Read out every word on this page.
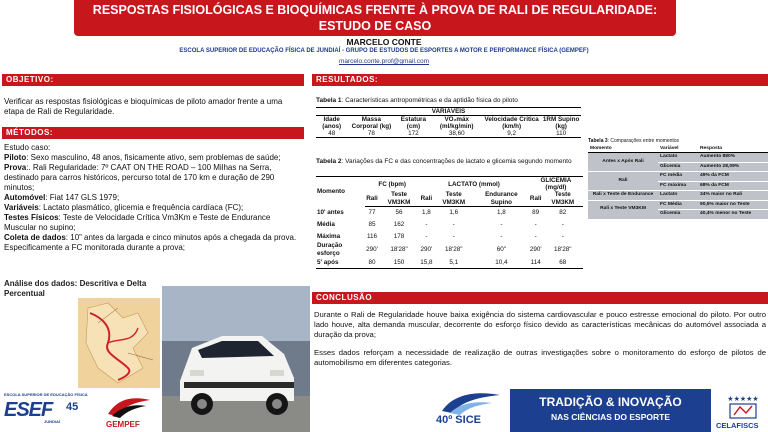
RESPOSTAS FISIOLÓGICAS E BIOQUÍMICAS FRENTE À PROVA DE RALI DE REGULARIDADE:
ESTUDO DE CASO
MARCELO CONTE
ESCOLA SUPERIOR DE EDUCAÇÃO FÍSICA DE JUNDIAÍ - GRUPO DE ESTUDOS DE ESPORTES A MOTOR E PERFORMANCE FÍSICA (GEMPEF)
marcelo.conte.prof@gmail.com
OBJETIVO:
Verificar as respostas fisiológicas e bioquímicas de piloto amador frente a uma etapa de Rali de Regularidade.
MÉTODOS:

Estudo caso:

Piloto: Sexo masculino, 48 anos, fisicamente ativo, sem problemas de saúde;

Prova:. Rali Regularidade: 7º CAAT ON THE ROAD – 100 Milhas na Serra, destinado para carros históricos, percurso total de 170 km e duração de 290 minutos;

Automóvel: Fiat 147 GLS 1979;

Variáveis: Lactato plasmático, glicemia e frequência cardíaca (FC);

Testes Físicos: Teste de Velocidade Crítica Vm3Km e Teste de Endurance Muscular no supino;

Coleta de dados: 10” antes da largada e cinco minutos após a chegada da prova. Especificamente a FC monitorada durante a prova;

Análise dos dados: Descritiva e Delta Percentual
ESCOLA SUPERIOR DE EDUCAÇÃO FÍSICA
ESEF 45
JUNDIAÍ	GEMPEF
RESULTADOS:
Tabela 1: Características antropométricas e da aptidão física do piloto
VARIÁVEIS					
Idade (anos)	Massa Corporal (kg)	Estatura (cm)	VO₂máx (ml/kg/min)	Velocidade Crítica (km/h)	1RM Supino (kg)
48	78	172	38,60	9,2	110
Tabela 2: Variações da FC e das concentrações de lactato e glicemia segundo momento
Momento	FC (bpm)		LACTATO (mmol)			GLICEMIA (mg/dl)	
	Rali	Teste VM3KM	Rali	Teste VM3KM	Endurance Supino	Rali	Teste VM3KM
10' antes	77	56	1,8	1,6	1,8	89	82
Média	85	162	-	-	-	-	-
Máxima	116	178	-	-	-	-	-
Duração esforço	290'	18'28"	290'	18'28"	60"	290'	18'28"
5' após	80	150	15,8	5,1	10,4	114	68
Tabela 3: Comparações entre momentos
Momento	Variável	Resposta
Antes x Após Rali	Lactato	Aumento 880%
	Glicemia	Aumento 28,09%
Rali	FC média	49% da FCM
	FC máxima	68% da FCM
Rali x Teste de Endurance	Lactato	34% maior no Rali
Rali x Teste VM3KM	FC Média	90,5% maior no Teste
	Glicemia	40,4% menor no Teste
CONCLUSÃO

Durante o Rali de Regularidade houve baixa exigência do sistema cardiovascular e pouco estresse emocional do piloto. Por outro lado houve, alta demanda muscular, decorrente do esforço físico devido as características mecânicas do automóvel associada a duração da prova;

Esses dados reforçam a necessidade de realização de outras investigações sobre o monitoramento do esforço de pilotos de automobilismo em diferentes categorias.

40º SICE
TRADIÇÃO & INOVAÇÃO
NAS CIÊNCIAS DO ESPORTE
★★★★★
CELAFISCS
